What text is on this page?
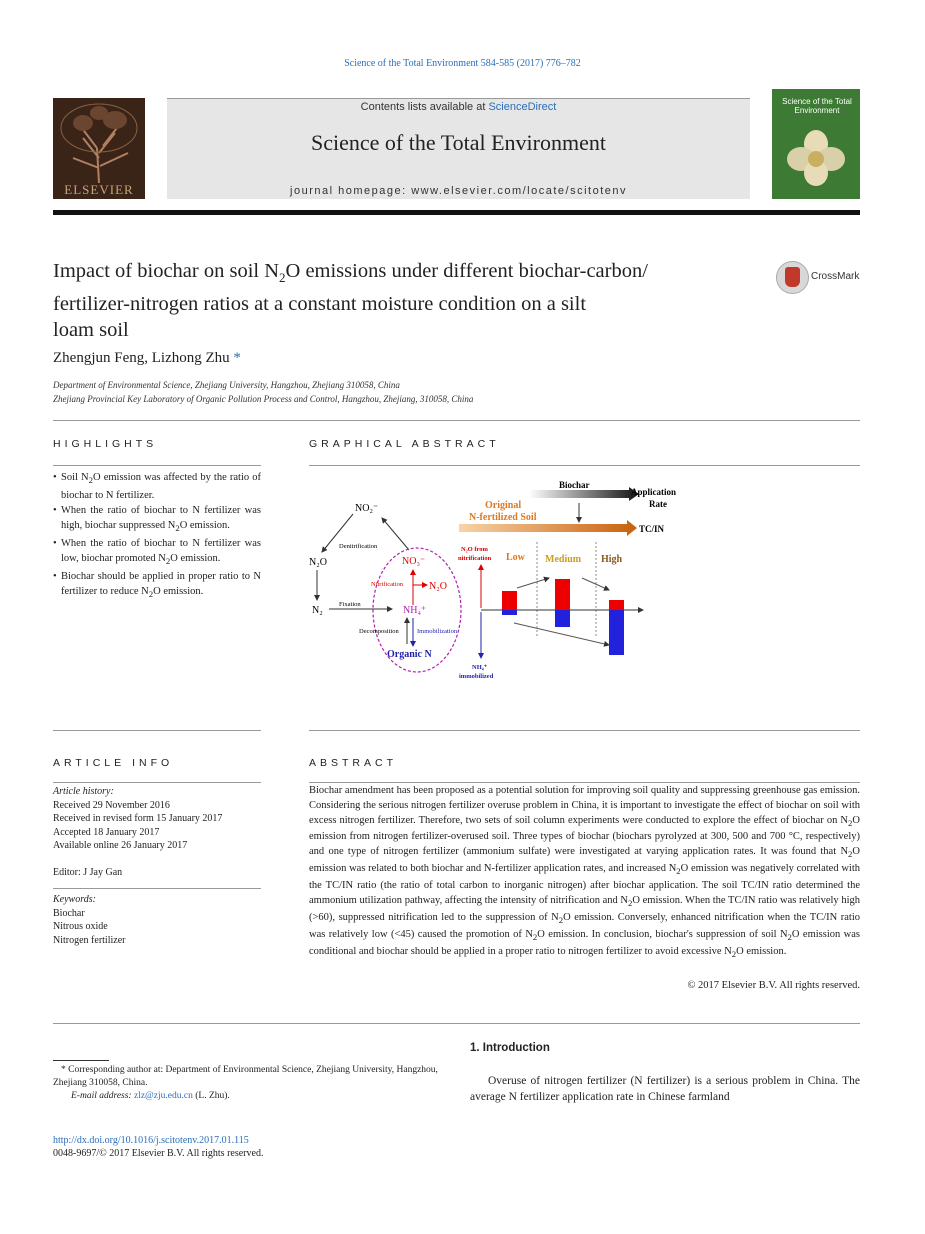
Science of the Total Environment 584-585 (2017) 776–782
ELSEVIER
Contents lists available at ScienceDirect
Science of the Total Environment
journal homepage: www.elsevier.com/locate/scitotenv
Science of the Total Environment
Impact of biochar on soil $N_2O$ emissions under different biochar-carbon/
fertilizer-nitrogen ratios at a constant moisture condition on a silt
loam soil
CrossMark
Zhengjun Feng, Lizhong Zhu *
Department of Environmental Science, Zhejiang University, Hangzhou, Zhejiang 310058, China
Zhejiang Provincial Key Laboratory of Organic Pollution Process and Control, Hangzhou, Zhejiang, 310058, China
HIGHLIGHTS
• Soil $N_2O$ emission was affected by the ratio of biochar to N fertilizer.
• When the ratio of biochar to N fertilizer was high, biochar suppressed $N_2O$ emission.
• When the ratio of biochar to N fertilizer was low, biochar promoted $N_2O$ emission.
• Biochar should be applied in proper ratio to N fertilizer to reduce $N_2O$ emission.
GRAPHICAL ABSTRACT
NO₂⁻
N₂O
N₂
Denitrification
Fixation
NO₃⁻
Nitrification	N₂O
NH₄⁺
Immobilization
Decomposition
Organic N
Biochar
Application
Rate
Original
N-fertilized Soil
TC/IN
N₂O from
nitrification Low Medium High
NH₄⁺
immobilized
ARTICLE INFO
Article history:
Received 29 November 2016
Received in revised form 15 January 2017
Accepted 18 January 2017
Available online 26 January 2017
Editor: J Jay Gan
Keywords:
Biochar
Nitrous oxide
Nitrogen fertilizer
ABSTRACT
Biochar amendment has been proposed as a potential solution for improving soil quality and suppressing greenhouse gas emission. Considering the serious nitrogen fertilizer overuse problem in China, it is important to investigate the effect of biochar on soil with excess nitrogen fertilizer. Therefore, two sets of soil column experiments were conducted to explore the effect of biochar on $N_2O$ emission from nitrogen fertilizer-overused soil. Three types of biochar (biochars pyrolyzed at 300, 500 and 700 °C, respectively) and one type of nitrogen fertilizer (ammonium sulfate) were investigated at varying application rates. It was found that $N_2O$ emission was related to both biochar and N-fertilizer application rates, and increased $N_2O$ emission was negatively correlated with the TC/IN ratio (the ratio of total carbon to inorganic nitrogen) after biochar application. The soil TC/IN ratio determined the ammonium utilization pathway, affecting the intensity of nitrification and $N_2O$ emission. When the TC/IN ratio was relatively high (>60), suppressed nitrification led to the suppression of $N_2O$ emission. Conversely, enhanced nitrification when the TC/IN ratio was relatively low (<45) caused the promotion of $N_2O$ emission. In conclusion, biochar's suppression of soil $N_2O$ emission was conditional and biochar should be applied in a proper ratio to nitrogen fertilizer to avoid excessive $N_2O$ emission.
© 2017 Elsevier B.V. All rights reserved.
* Corresponding author at: Department of Environmental Science, Zhejiang University, Hangzhou, Zhejiang 310058, China.
E-mail address: zlz@zju.edu.cn (L. Zhu).
1. Introduction
Overuse of nitrogen fertilizer (N fertilizer) is a serious problem in China. The average N fertilizer application rate in Chinese farmland
http://dx.doi.org/10.1016/j.scitotenv.2017.01.115
0048-9697/© 2017 Elsevier B.V. All rights reserved.
